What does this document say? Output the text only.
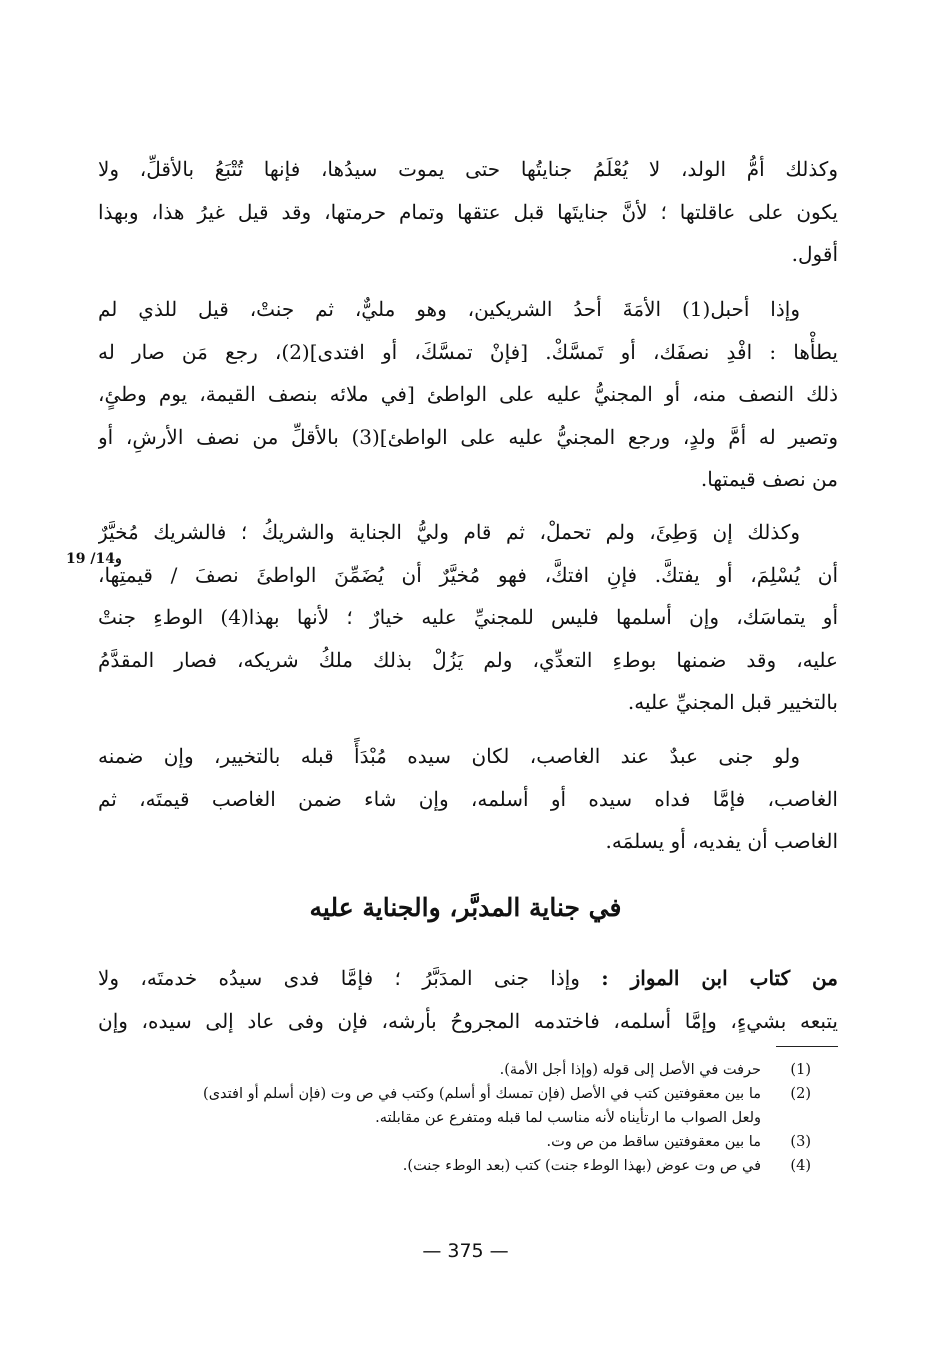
وكذلك أمُّ الولد، لا يُعْلَمُ جنايتُها حتى يموت سيدُها، فإنها تُتْبَعُ بالأقلِّ، ولا
يكون على عاقلتها ؛ لأنَّ جنايتَها قبل عتقها وتمام حرمتها، وقد قيل غيرُ هذا، وبهذا
أقول.
وإذا أحبل(1) الأمَةَ أحدُ الشريكين، وهو مليٌّ، ثم جنتْ، قيل للذي لم
يطأْها : افْدِ نصفَك، أو تَمسَّكْ. [فإنْ تمسَّكَ، أو افتدى](2)، رجع مَن صار له
ذلك النصف منه، أو المجنيُّ عليه على الواطئ [في ملائه بنصف القيمة، يوم وطئٍ،
وتصير له أمَّ ولدٍ، ورجع المجنيُّ عليه على الواطئ](3) بالأقلِّ من نصف الأرشِ، أو
من نصف قيمتها.
وكذلك إن وَطِئَ، ولم تحملْ، ثم قام وليُّ الجناية والشريكُ ؛ فالشريك مُخيَّرٌ
أن يُسْلِمَ، أو يفتكَّ. فإنِ افتكَّ، فهو مُخيَّرٌ أن يُضَمِّنَ الواطئَ نصفَ / قيمتِها،
أو يتماسَك، وإن أسلمها فليس للمجنيِّ عليه خيارٌ ؛ لأنها بهذا(4) الوطءِ جنتْ
عليه، وقد ضمنها بوطءِ التعدِّي، ولم يَزُلْ بذلك ملكُ شريكه، فصار المقدَّمُ
بالتخيير قبل المجنيِّ عليه.
19 /14و
ولو جنى عبدٌ عند الغاصب، لكان سيده مُبْدَأً قبله بالتخيير، وإن ضمنه
الغاصب، فإمَّا فداه سيده أو أسلمه، وإن شاء ضمن الغاصب قيمتَه، ثم
الغاصب أن يفديه، أو يسلمَه.
في جناية المدبَّر، والجناية عليه
من كتاب ابن المواز : وإذا جنى المدَبَّرُ ؛ فإمَّا فدى سيدُه خدمتَه، ولا
يتبعه بشيءٍ، وإمَّا أسلمه، فاختدمه المجروحُ بأرشه، فإن وفى عاد إلى سيده، وإن
(1)
حرفت في الأصل إلى قوله (وإذا أجل الأمة).
(2)
ما بين معقوفتين كتب في الأصل (فإن تمسك أو أسلم) وكتب في ص وت (فإن أسلم أو افتدى)
ولعل الصواب ما ارتأيناه لأنه مناسب لما قبله ومتفرع عن مقابلته.
(3)
ما بين معقوفتين ساقط من ص وت.
(4)
في ص وت عوض (بهذا الوطء جنت) كتب (بعد الوطء جنت).
— 375 —
